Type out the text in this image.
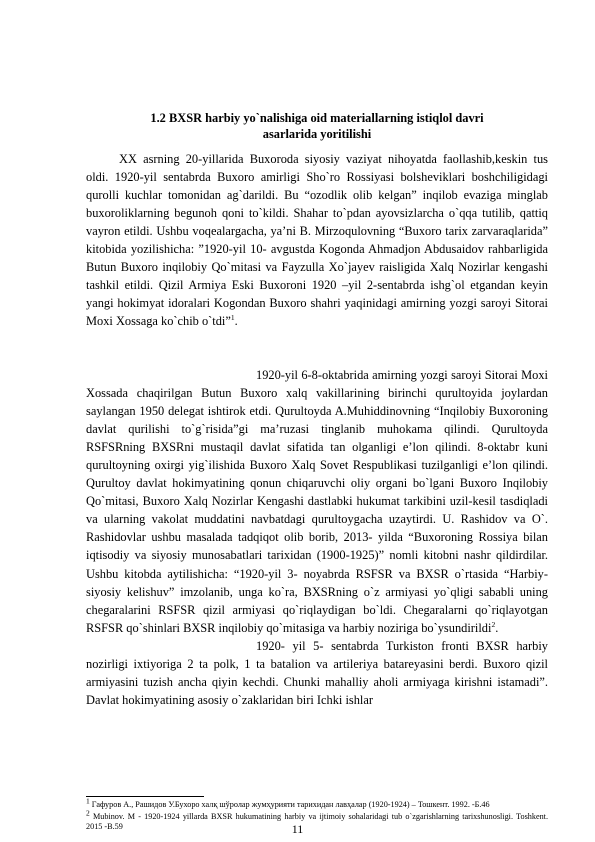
1.2 BXSR harbiy yo`nalishiga oid materiallarning istiqlol davri
asarlarida yoritilishi

XX asrning 20-yillarida Buxoroda siyosiy vaziyat nihoyatda faollashib,keskin tus oldi. 1920-yil sentabrda Buxoro amirligi Sho`ro Rossiyasi bolsheviklari boshchiligidagi qurolli kuchlar tomonidan ag`darildi. Bu “ozodlik olib kelgan” inqilob evaziga minglab buxoroliklarning begunoh qoni to`kildi. Shahar to`pdan ayovsizlarcha o`qqa tutilib, qattiq vayron etildi. Ushbu voqealargacha, ya’ni B. Mirzoqulovning “Buxoro tarix zarvaraqlarida” kitobida yozilishicha: ”1920-yil 10- avgustda Kogonda Ahmadjon Abdusaidov rahbarligida Butun Buxoro inqilobiy Qo`mitasi va Fayzulla Xo`jayev raisligida Xalq Nozirlar kengashi tashkil etildi. Qizil Armiya Eski Buxoroni 1920 –yil 2-sentabrda ishg`ol etgandan keyin yangi hokimyat idoralari Kogondan Buxoro shahri yaqinidagi amirning yozgi saroyi Sitorai Moxi Xossaga ko`chib o`tdi”$^1$.

1920-yil 6-8-oktabrida amirning yozgi saroyi Sitorai Moxi Xossada chaqirilgan Butun Buxoro xalq vakillarining birinchi qurultoyida joylardan saylangan 1950 delegat ishtirok etdi. Qurultoyda A.Muhiddinovning “Inqilobiy Buxoroning davlat qurilishi to`g`risida”gi ma’ruzasi tinglanib muhokama qilindi. Qurultoyda RSFSRning BXSRni mustaqil davlat sifatida tan olganligi e’lon qilindi. 8-oktabr kuni qurultoyning oxirgi yig`ilishida Buxoro Xalq Sovet Respublikasi tuzilganligi e’lon qilindi. Qurultoy davlat hokimyatining qonun chiqaruvchi oliy organi bo`lgani Buxoro Inqilobiy Qo`mitasi, Buxoro Xalq Nozirlar Kengashi dastlabki hukumat tarkibini uzil-kesil tasdiqladi va ularning vakolat muddatini navbatdagi qurultoygacha uzaytirdi. U. Rashidov va O`. Rashidovlar ushbu masalada tadqiqot olib borib, 2013- yilda “Buxoroning Rossiya bilan iqtisodiy va siyosiy munosabatlari tarixidan (1900-1925)” nomli kitobni nashr qildirdilar. Ushbu kitobda aytilishicha: “1920-yil 3- noyabrda RSFSR va BXSR o`rtasida “Harbiy-siyosiy kelishuv” imzolanib, unga ko`ra, BXSRning o`z armiyasi yo`qligi sababli uning chegaralarini RSFSR qizil armiyasi qo`riqlaydigan bo`ldi. Chegaralarni qo`riqlayotgan RSFSR qo`shinlari BXSR inqilobiy qo`mitasiga va harbiy noziriga bo`ysundirildi$^2$.

1920- yil 5- sentabrda Turkiston fronti BXSR harbiy nozirligi ixtiyoriga 2 ta polk, 1 ta batalion va artileriya batareyasini berdi. Buxoro qizil armiyasini tuzish ancha qiyin kechdi. Chunki mahalliy aholi armiyaga kirishni istamadi”. Davlat hokimyatining asosiy o`zaklaridan biri Ichki ishlar

$^1$ Гафуров А., Рашидов У.Бухоро халқ шўролар жумҳурияти тарихидан лавҳалар (1920-1924) – Тошкент. 1992. -Б.46

$^2$ Mubinov. M - 1920-1924 yillarda BXSR hukumatining harbiy va ijtimoiy sohalaridagi tub o`zgarishlarning tarixshunosligi. Toshkent. 2015 -B.59	11
